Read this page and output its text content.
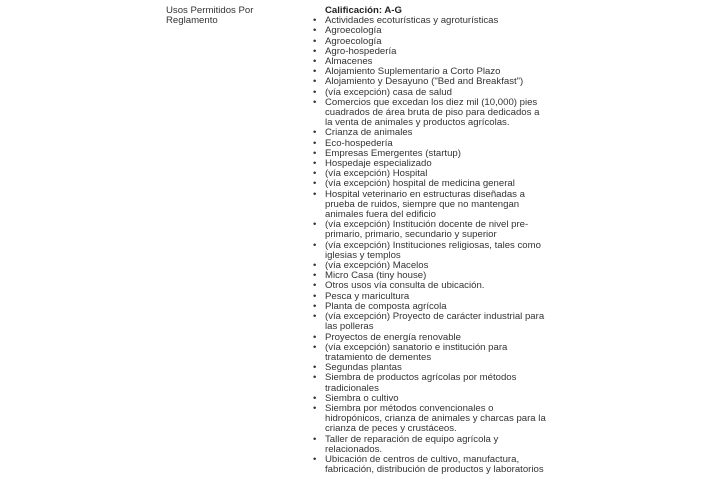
Usos Permitidos Por Reglamento
Calificación: A-G
• Actividades ecoturísticas y agroturísticas
• Agroecología
• Agroecología
• Agro-hospedería
• Almacenes
• Alojamiento Suplementario a Corto Plazo
• Alojamiento y Desayuno ("Bed and Breakfast")
• (vía excepción) casa de salud
• Comercios que excedan los diez mil (10,000) pies cuadrados de área bruta de piso para dedicados a la venta de animales y productos agrícolas.
• Crianza de animales
• Eco-hospedería
• Empresas Emergentes (startup)
• Hospedaje especializado
• (vía excepción) Hospital
• (vía excepción) hospital de medicina general
• Hospital veterinario en estructuras diseñadas a prueba de ruidos, siempre que no mantengan animales fuera del edificio
• (vía excepción) Institución docente de nivel pre-primario, primario, secundario y superior
• (vía excepción) Instituciones religiosas, tales como iglesias y templos
• (vía excepción) Macelos
• Micro Casa (tiny house)
• Otros usos vía consulta de ubicación.
• Pesca y maricultura
• Planta de composta agrícola
• (vía excepción) Proyecto de carácter industrial para las polleras
• Proyectos de energía renovable
• (vía excepción) sanatorio e institución para tratamiento de dementes
• Segundas plantas
• Siembra de productos agrícolas por métodos tradicionales
• Siembra o cultivo
• Siembra por métodos convencionales o hidropónicos, crianza de animales y charcas para la crianza de peces y crustáceos.
• Taller de reparación de equipo agrícola y relacionados.
• Ubicación de centros de cultivo, manufactura, fabricación, distribución de productos y laboratorios
